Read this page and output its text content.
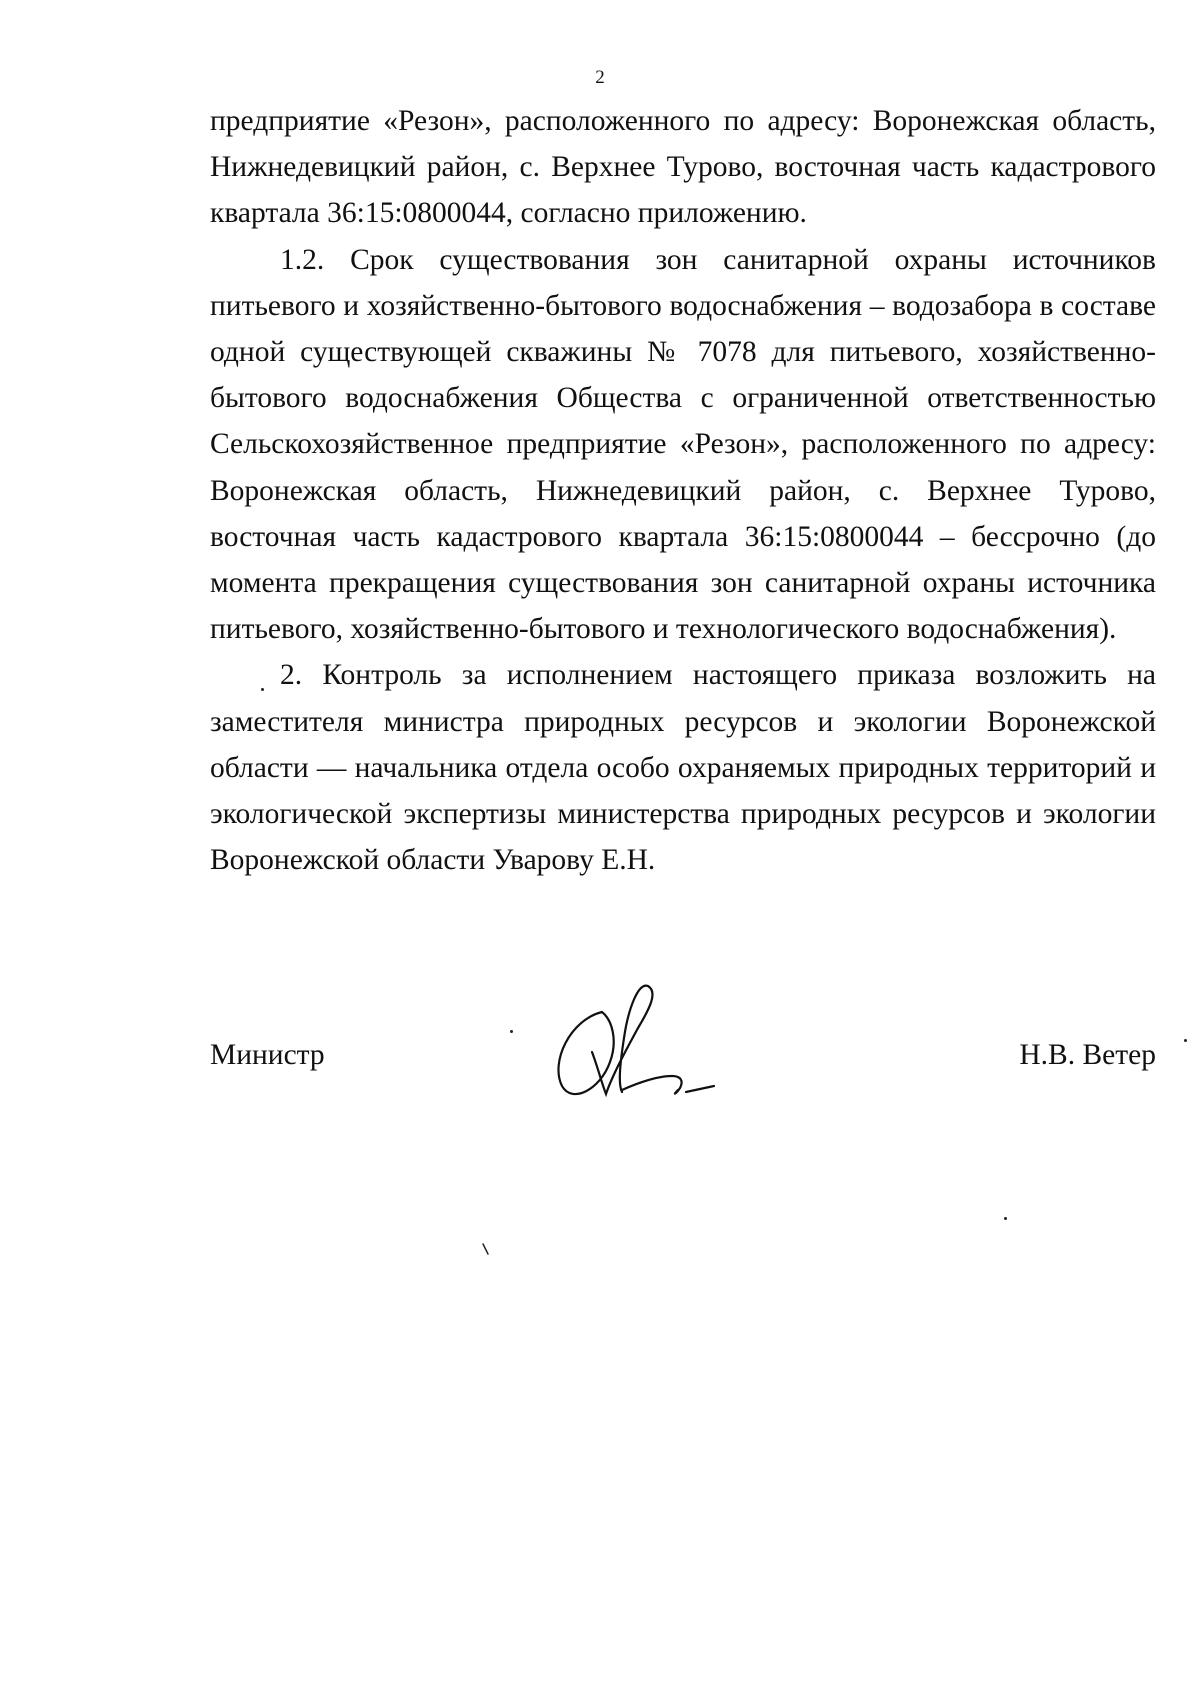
2

предприятие «Резон», расположенного по адресу: Воронежская область, Нижнедевицкий район, с. Верхнее Турово, восточная часть кадастрового квартала 36:15:0800044, согласно приложению.

1.2. Срок существования зон санитарной охраны источников питьевого и хозяйственно-бытового водоснабжения – водозабора в составе одной существующей скважины № 7078 для питьевого, хозяйственно-бытового водоснабжения Общества с ограниченной ответственностью Сельскохозяйственное предприятие «Резон», расположенного по адресу: Воронежская область, Нижнедевицкий район, с. Верхнее Турово, восточная часть кадастрового квартала 36:15:0800044 – бессрочно (до момента прекращения существования зон санитарной охраны источника питьевого, хозяйственно-бытового и технологического водоснабжения).

2. Контроль за исполнением настоящего приказа возложить на заместителя министра природных ресурсов и экологии Воронежской области — начальника отдела особо охраняемых природных территорий и экологической экспертизы министерства природных ресурсов и экологии Воронежской области Уварову Е.Н.

Министр	Н.В. Ветер
